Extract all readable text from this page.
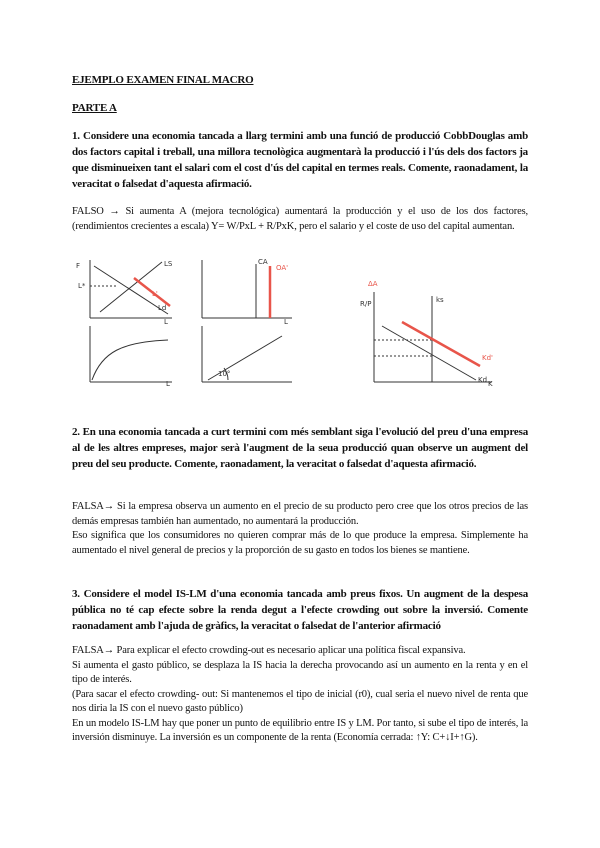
EJEMPLO EXAMEN FINAL MACRO
PARTE A
1. Considere una economia tancada a llarg termini amb una funció de producció CobbDouglas amb dos factors capital i treball, una millora tecnològica augmentarà la producció i l'ús dels dos factors ja que disminueixen tant el salari com el cost d'ús del capital en termes reals. Comente, raonadament, la veracitat o falsedat d'aquesta afirmació.

FALSO → Si aumenta A (mejora tecnológica) aumentará la producción y el uso de los dos factores, (rendimientos crecientes a escala) Y= W/PxL + R/PxK, pero el salario y el coste de uso del capital aumentan.

F
L
L*
LS
Ld
L'
L
CA
OA'
L
10°
ΔA
ks
Kd
Kd'
R/P
K
2. En una economia tancada a curt termini com més semblant siga l'evolució del preu d'una empresa al de les altres empreses, major serà l'augment de la seua producció quan observe un augment del preu del seu producte. Comente, raonadament, la veracitat o falsedat d'aquesta afirmació.

FALSA→ Si la empresa observa un aumento en el precio de su producto pero cree que los otros precios de las demás empresas también han aumentado, no aumentará la producción.

Eso significa que los consumidores no quieren comprar más de lo que produce la empresa. Simplemente ha aumentado el nivel general de precios y la proporción de su gasto en todos los bienes se mantiene.

3. Considere el model IS-LM d'una economia tancada amb preus fixos. Un augment de la despesa pública no té cap efecte sobre la renda degut a l'efecte crowding out sobre la inversió. Comente raonadament amb l'ajuda de gràfics, la veracitat o falsedat de l'anterior afirmació

FALSA→ Para explicar el efecto crowding-out es necesario aplicar una política fiscal expansiva.

Si aumenta el gasto público, se desplaza la IS hacia la derecha provocando así un aumento en la renta y en el tipo de interés.

(Para sacar el efecto crowding- out: Si mantenemos el tipo de inicial (r0), cual seria el nuevo nivel de renta que nos diria la IS con el nuevo gasto público)

En un modelo IS-LM hay que poner un punto de equilibrio entre IS y LM. Por tanto, si sube el tipo de interés, la inversión disminuye. La inversión es un componente de la renta (Economía cerrada: ↑Y: C+↓I+↑G).
